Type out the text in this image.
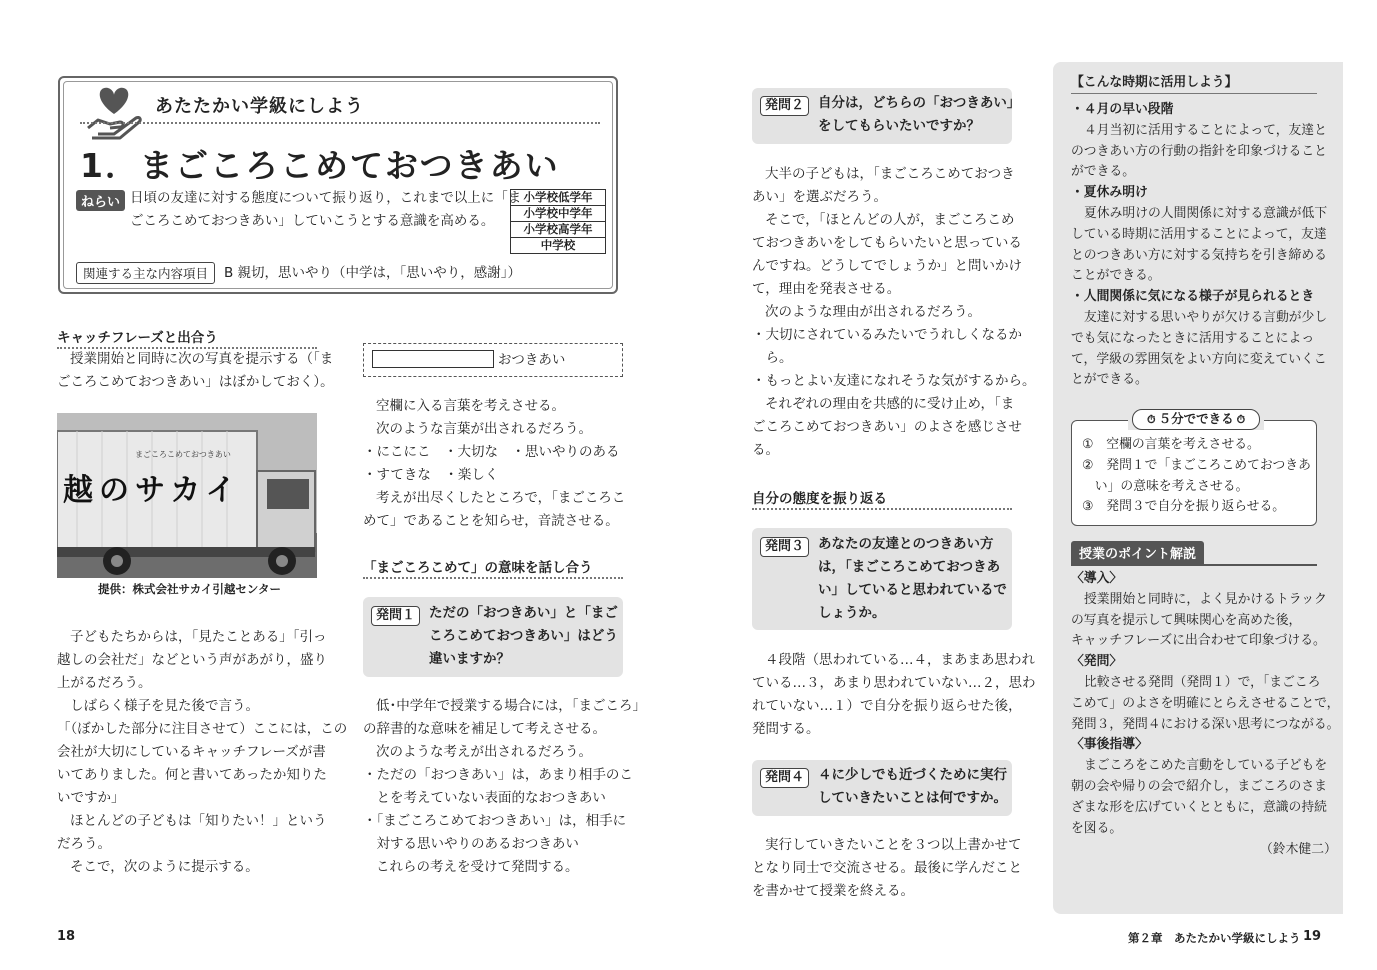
あたたかい学級にしよう
1．まごころこめておつきあい
ねらい 日頃の友達に対する態度について振り返り，これまで以上に「ま

ごころこめておつきあい」していこうとする意識を高める。

小学校低学年
小学校中学年
小学校高学年
中学校
関連する主な内容項目	B 親切，思いやり（中学は，「思いやり，感謝」）
キャッチフレーズと出合う

授業開始と同時に次の写真を提示する（「ま

ごころこめておつきあい」はぼかしておく）。

まごころこめておつきあい
越のサカイ
提供：株式会社サカイ引越センター

子どもたちからは，「見たことある」「引っ

越しの会社だ」などという声があがり，盛り

上がるだろう。

しばらく様子を見た後で言う。

「（ぼかした部分に注目させて）ここには，この

会社が大切にしているキャッチフレーズが書

いてありました。何と書いてあったか知りた

いですか」

ほとんどの子どもは「知りたい！」という

だろう。

そこで，次のように提示する。

おつきあい

空欄に入る言葉を考えさせる。

次のような言葉が出されるだろう。

・にこにこ　・大切な　・思いやりのある

・すてきな　・楽しく

考えが出尽くしたところで，「まごころこ

めて」であることを知らせ，音読させる。

「まごころこめて」の意味を話し合う
発問１	ただの「おつきあい」と「まご
ころこめておつきあい」はどう
違いますか？

低･中学年で授業する場合には，「まごころ」

の辞書的な意味を補足して考えさせる。

次のような考えが出されるだろう。

・ただの「おつきあい」は，あまり相手のこ

　とを考えていない表面的なおつきあい

・「まごころこめておつきあい」は，相手に

　対する思いやりのあるおつきあい

これらの考えを受けて発問する。

発問２	自分は，どちらの「おつきあい」
をしてもらいたいですか？

大半の子どもは，「まごころこめておつき

あい」を選ぶだろう。

そこで，「ほとんどの人が，まごころこめ

ておつきあいをしてもらいたいと思っている

んですね。どうしてでしょうか」と問いかけ

て，理由を発表させる。

次のような理由が出されるだろう。

・大切にされているみたいでうれしくなるか

　ら。

・もっとよい友達になれそうな気がするから。

それぞれの理由を共感的に受け止め，「ま

ごころこめておつきあい」のよさを感じさせ

る。

自分の態度を振り返る
発問３	あなたの友達とのつきあい方
は，「まごころこめておつきあ
い」していると思われているで
しょうか。

４段階（思われている…４，まあまあ思われ

ている…３，あまり思われていない…２，思わ

れていない…１）で自分を振り返らせた後，

発問する。

発問４	４に少しでも近づくために実行
していきたいことは何ですか。

実行していきたいことを３つ以上書かせて

となり同士で交流させる。最後に学んだこと

を書かせて授業を終える。

【こんな時期に活用しよう】
・４月の早い段階
４月当初に活用することによって，友達と
のつきあい方の行動の指針を印象づけること
ができる。
・夏休み明け
夏休み明けの人間関係に対する意識が低下
している時期に活用することによって，友達
とのつきあい方に対する気持ちを引き締める
ことができる。
・人間関係に気になる様子が見られるとき
友達に対する思いやりが欠ける言動が少し
でも気になったときに活用することによっ
て，学級の雰囲気をよい方向に変えていくこ
とができる。
①　空欄の言葉を考えさせる。
②　発問１で「まごころこめておつきあ
　い」の意味を考えさせる。
③　発問３で自分を振り返らせる。
⏱ ５分でできる ⏱
授業のポイント解説
〈導入〉
授業開始と同時に，よく見かけるトラック
の写真を提示して興味関心を高めた後，
キャッチフレーズに出合わせて印象づける。
〈発問〉
比較させる発問（発問１）で，「まごころ
こめて」のよさを明確にとらえさせることで，
発問３，発問４における深い思考につながる。
〈事後指導〉
まごころをこめた言動をしている子どもを
朝の会や帰りの会で紹介し，まごころのさま
ざまな形を広げていくとともに，意識の持続
を図る。
（鈴木健二）
18	第２章　あたたかい学級にしよう 19
